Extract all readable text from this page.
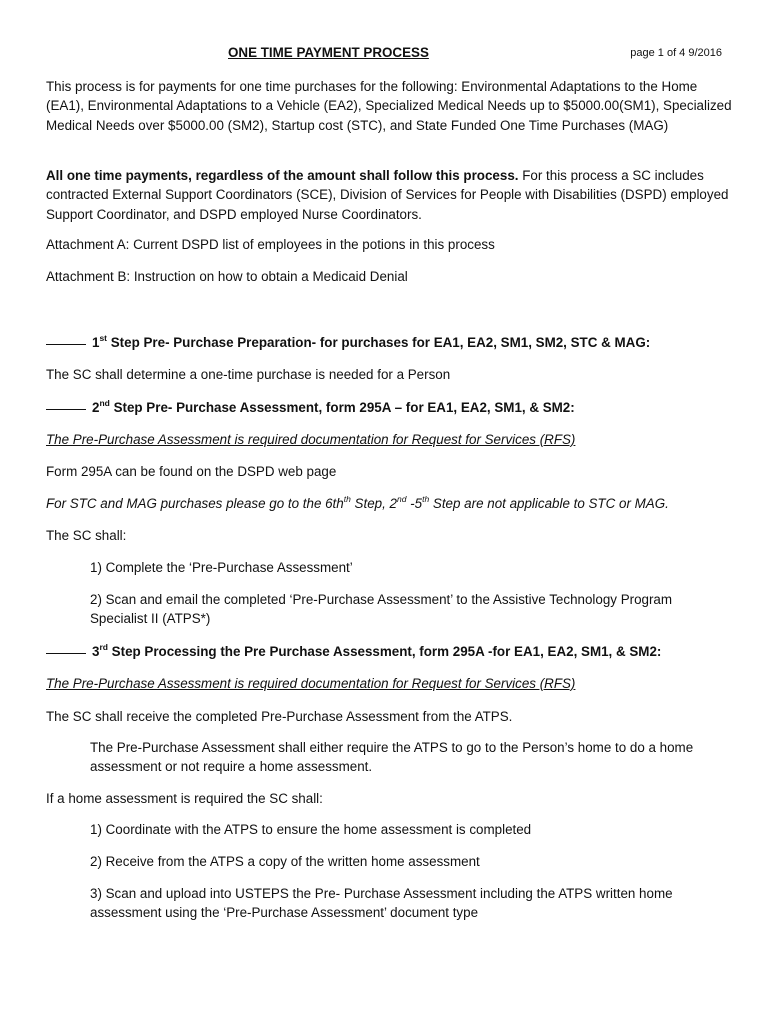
ONE TIME PAYMENT PROCESS	page 1 of 4 9/2016

This process is for payments for one time purchases for the following: Environmental Adaptations to the Home (EA1), Environmental Adaptations to a Vehicle (EA2), Specialized Medical Needs up to $5000.00(SM1), Specialized Medical Needs over $5000.00 (SM2), Startup cost (STC), and State Funded One Time Purchases (MAG)

All one time payments, regardless of the amount shall follow this process. For this process a SC includes contracted External Support Coordinators (SCE), Division of Services for People with Disabilities (DSPD) employed Support Coordinator, and DSPD employed Nurse Coordinators.

Attachment A: Current DSPD list of employees in the potions in this process

Attachment B: Instruction on how to obtain a Medicaid Denial

1st Step Pre- Purchase Preparation- for purchases for EA1, EA2, SM1, SM2, STC & MAG:

The SC shall determine a one-time purchase is needed for a Person

2nd Step Pre- Purchase Assessment, form 295A – for EA1, EA2, SM1, & SM2:

The Pre-Purchase Assessment is required documentation for Request for Services (RFS)

Form 295A can be found on the DSPD web page

For STC and MAG purchases please go to the $6th^{th}$ Step, 2nd -5th Step are not applicable to STC or MAG.

The SC shall:

1) Complete the ‘Pre-Purchase Assessment’

2) Scan and email the completed ‘Pre-Purchase Assessment’ to the Assistive Technology Program Specialist II (ATPS*)

3rd Step Processing the Pre Purchase Assessment, form 295A -for EA1, EA2, SM1, & SM2:

The Pre-Purchase Assessment is required documentation for Request for Services (RFS)

The SC shall receive the completed Pre-Purchase Assessment from the ATPS.

The Pre-Purchase Assessment shall either require the ATPS to go to the Person’s home to do a home assessment or not require a home assessment.

If a home assessment is required the SC shall:

1) Coordinate with the ATPS to ensure the home assessment is completed

2) Receive from the ATPS a copy of the written home assessment

3) Scan and upload into USTEPS the Pre- Purchase Assessment including the ATPS written home assessment using the ‘Pre-Purchase Assessment’ document type
